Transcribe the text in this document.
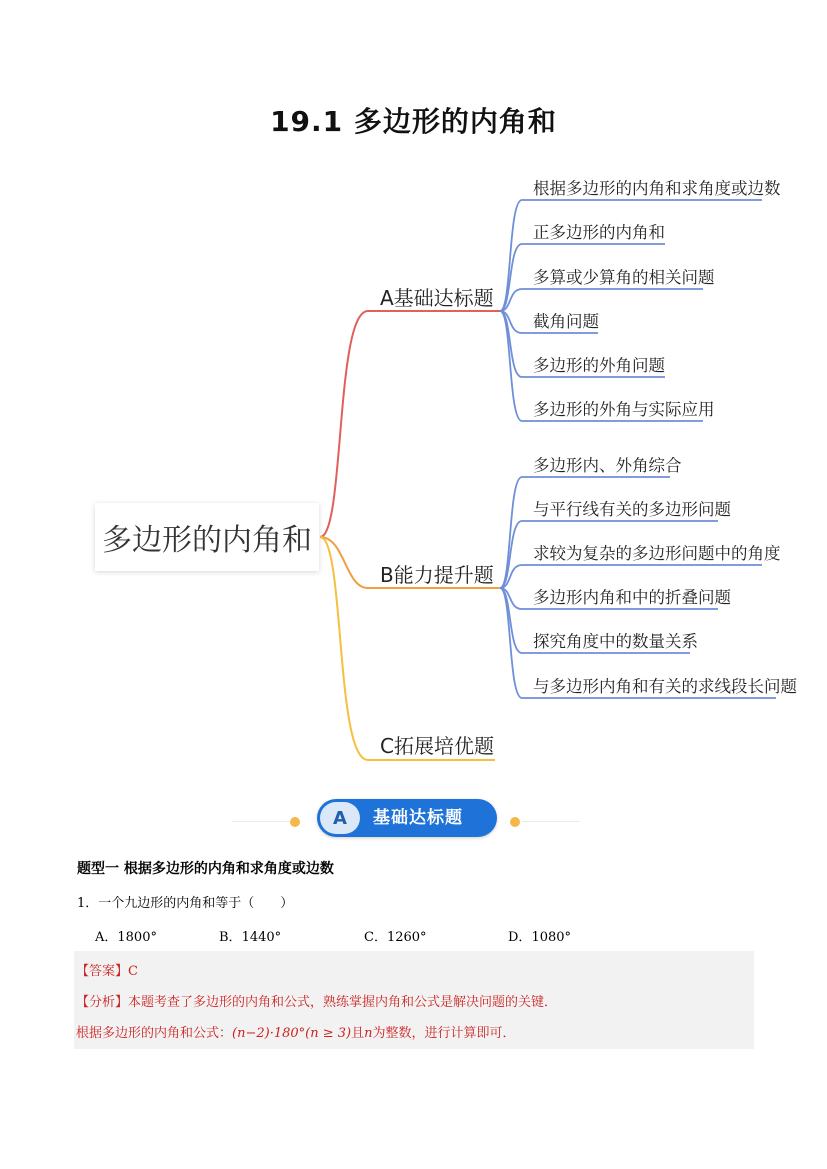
19.1 多边形的内角和
多边形的内角和
A基础达标题
B能力提升题
C拓展培优题
根据多边形的内角和求角度或边数
正多边形的内角和
多算或少算角的相关问题
截角问题
多边形的外角问题
多边形的外角与实际应用
多边形内、外角综合
与平行线有关的多边形问题
求较为复杂的多边形问题中的角度
多边形内角和中的折叠问题
探究角度中的数量关系
与多边形内角和有关的求线段长问题
A	基础达标题
题型一 根据多边形的内角和求角度或边数
1．一个九边形的内角和等于（　　）
A．1800°	B．1440°	C．1260°	D．1080°
【答案】C
【分析】本题考查了多边形的内角和公式，熟练掌握内角和公式是解决问题的关键．
根据多边形的内角和公式：(n−2)·180°(n ≥ 3)且n为整数，进行计算即可．
